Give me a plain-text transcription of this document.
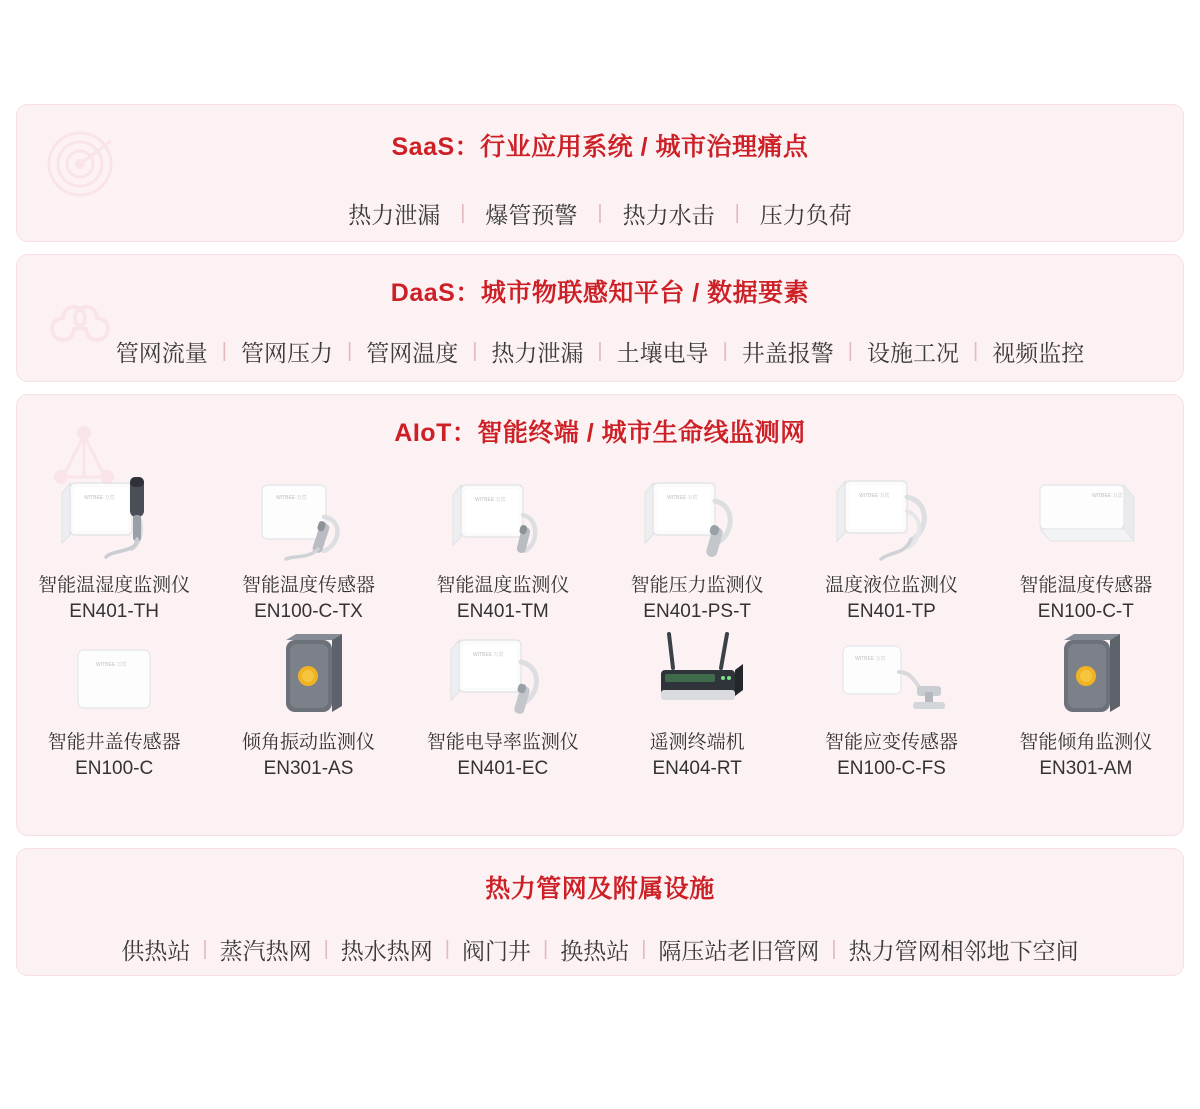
SaaS：行业应用系统 / 城市治理痛点
热力泄漏	| 爆管预警	| 热力水击	| 压力负荷
DaaS：城市物联感知平台 / 数据要素
管网流量 | 管网压力 | 管网温度 | 热力泄漏 | 土壤电导 | 井盖报警 | 设施工况 | 视频监控
AIoT：智能终端 / 城市生命线监测网
WITBEE 万宾
智能温湿度监测仪
EN401-TH
WITBEE 万宾
智能温度传感器
EN100-C-TX
WITBEE 万宾
智能温度监测仪
EN401-TM
WITBEE 万宾
智能压力监测仪
EN401-PS-T
WITBEE 万宾
温度液位监测仪
EN401-TP
WITBEE 万宾
智能温度传感器
EN100-C-T
WITBEE 万宾
智能井盖传感器
EN100-C
倾角振动监测仪
EN301-AS
WITBEE 万宾
智能电导率监测仪
EN401-EC
遥测终端机
EN404-RT
WITBEE 万宾
智能应变传感器
EN100-C-FS
智能倾角监测仪
EN301-AM
热力管网及附属设施
供热站 | 蒸汽热网 | 热水热网 | 阀门井 | 换热站 | 隔压站老旧管网 | 热力管网相邻地下空间
